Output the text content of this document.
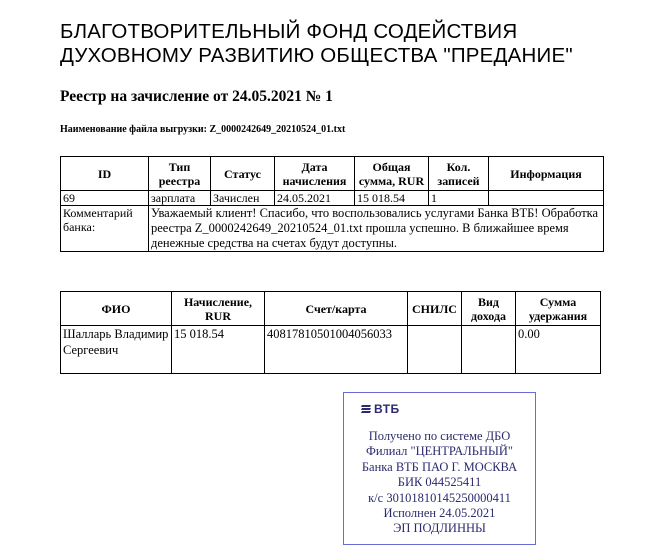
БЛАГОТВОРИТЕЛЬНЫЙ ФОНД СОДЕЙСТВИЯ
ДУХОВНОМУ РАЗВИТИЮ ОБЩЕСТВА "ПРЕДАНИЕ"
Реестр на зачисление от 24.05.2021 № 1
Наименование файла выгрузки: Z_0000242649_20210524_01.txt
ID	Тип реестра	Статус	Дата начисления	Общая сумма, RUR	Кол. записей	Информация
69	зарплата	Зачислен	24.05.2021	15 018.54	1	
Комментарий банка:	Уважаемый клиент! Спасибо, что воспользовались услугами Банка ВТБ! Обработка реестра Z_0000242649_20210524_01.txt прошла успешно. В ближайшее время денежные средства на счетах будут доступны.					
ФИО	Начисление, RUR	Счет/карта	СНИЛС	Вид дохода	Сумма удержания
Шалларь Владимир Сергеевич	15 018.54	40817810501004056033			0.00
ВТБ
Получено по системе ДБО
Филиал "ЦЕНТРАЛЬНЫЙ"
Банка ВТБ ПАО Г. МОСКВА
БИК 044525411
к/с 30101810145250000411
Исполнен 24.05.2021
ЭП ПОДЛИННЫ
